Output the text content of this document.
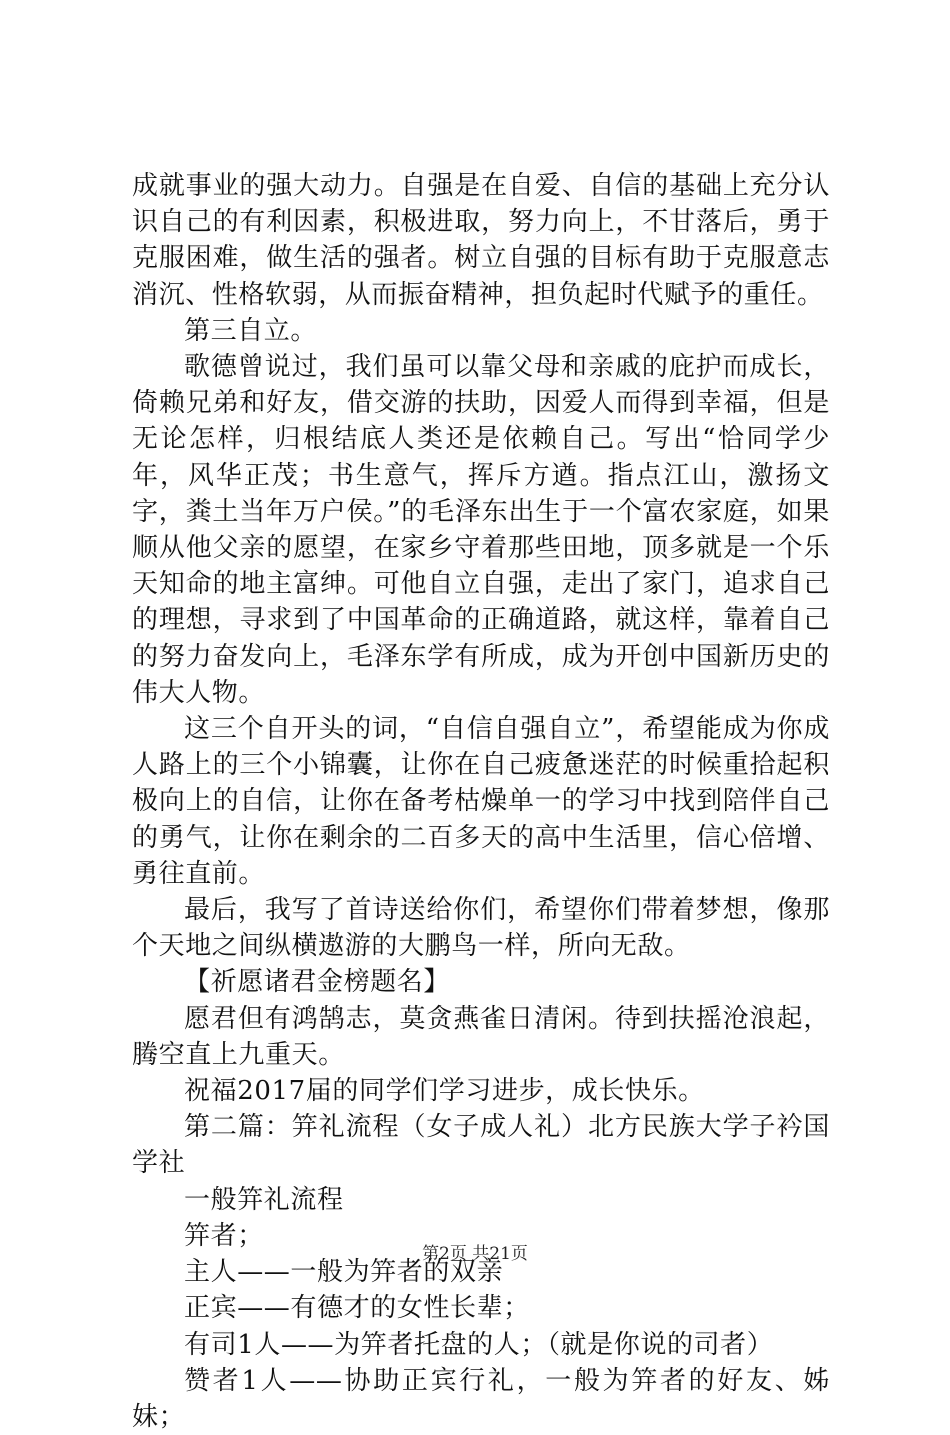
成就事业的强大动力。自强是在自爱、自信的基础上充分认识自己的有利因素，积极进取，努力向上，不甘落后，勇于克服困难，做生活的强者。树立自强的目标有助于克服意志消沉、性格软弱，从而振奋精神，担负起时代赋予的重任。

第三自立。

歌德曾说过，我们虽可以靠父母和亲戚的庇护而成长，倚赖兄弟和好友，借交游的扶助，因爱人而得到幸福，但是无论怎样，归根结底人类还是依赖自己。写出“恰同学少年，风华正茂；书生意气，挥斥方遒。指点江山，激扬文字，粪土当年万户侯。”的毛泽东出生于一个富农家庭，如果顺从他父亲的愿望，在家乡守着那些田地，顶多就是一个乐天知命的地主富绅。可他自立自强，走出了家门，追求自己的理想，寻求到了中国革命的正确道路，就这样，靠着自己的努力奋发向上，毛泽东学有所成，成为开创中国新历史的伟大人物。

这三个自开头的词，“自信自强自立”，希望能成为你成人路上的三个小锦囊，让你在自己疲惫迷茫的时候重拾起积极向上的自信，让你在备考枯燥单一的学习中找到陪伴自己的勇气，让你在剩余的二百多天的高中生活里，信心倍增、勇往直前。

最后，我写了首诗送给你们，希望你们带着梦想，像那个天地之间纵横遨游的大鹏鸟一样，所向无敌。

【祈愿诸君金榜题名】

愿君但有鸿鹄志，莫贪燕雀日清闲。待到扶摇沧浪起，腾空直上九重天。

祝福2017届的同学们学习进步，成长快乐。

第二篇：笄礼流程（女子成人礼）北方民族大学子衿国学社

一般笄礼流程

笄者；

主人——一般为笄者的双亲

正宾——有德才的女性长辈；

有司1人——为笄者托盘的人；（就是你说的司者）

赞者1人——协助正宾行礼，一般为笄者的好友、姊妹；

第2页 共21页
